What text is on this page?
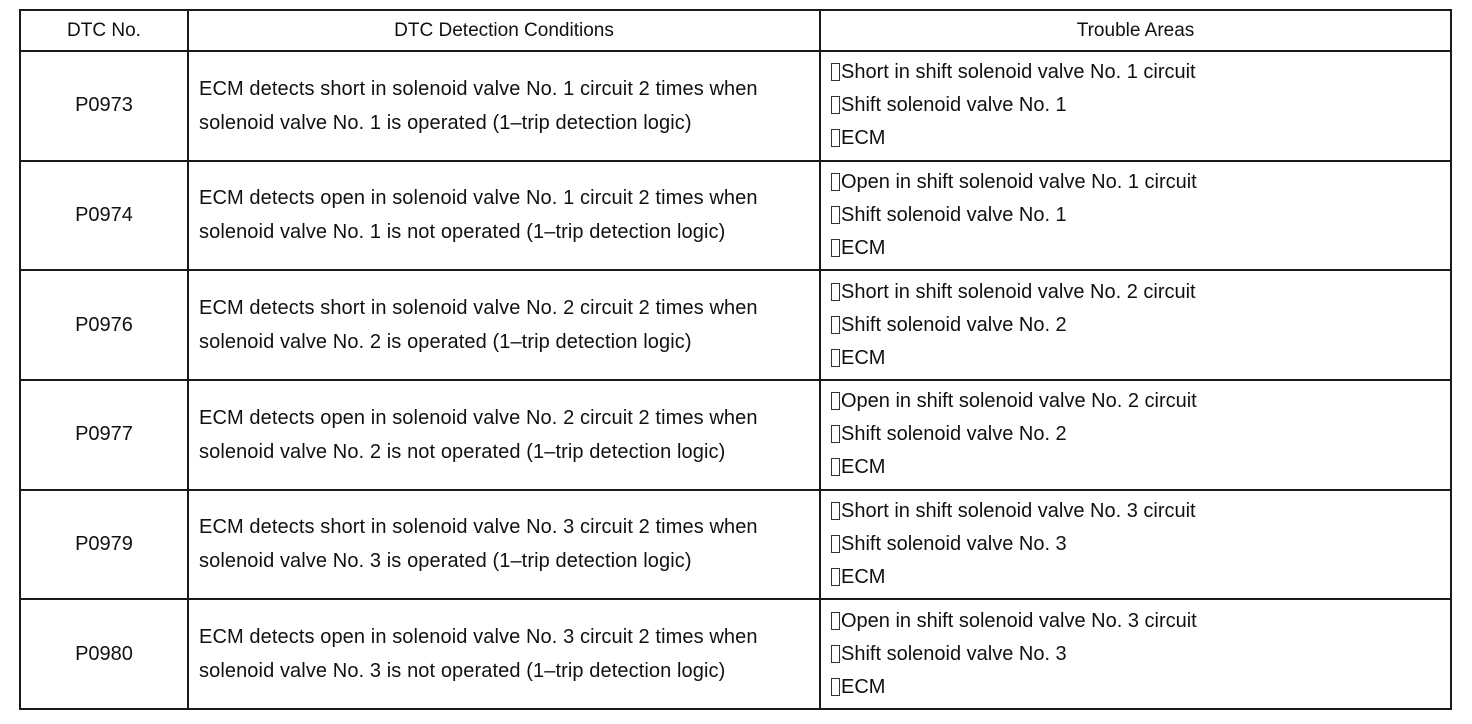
DTC No.	DTC Detection Conditions	Trouble Areas
P0973	ECM detects short in solenoid valve No. 1 circuit 2 times when
solenoid valve No. 1 is operated (1–trip detection logic)	Short in shift solenoid valve No. 1 circuit
Shift solenoid valve No. 1
ECM

P0974	ECM detects open in solenoid valve No. 1 circuit 2 times when
solenoid valve No. 1 is not operated (1–trip detection logic)	Open in shift solenoid valve No. 1 circuit
Shift solenoid valve No. 1
ECM

P0976	ECM detects short in solenoid valve No. 2 circuit 2 times when
solenoid valve No. 2 is operated (1–trip detection logic)	Short in shift solenoid valve No. 2 circuit
Shift solenoid valve No. 2
ECM

P0977	ECM detects open in solenoid valve No. 2 circuit 2 times when
solenoid valve No. 2 is not operated (1–trip detection logic)	Open in shift solenoid valve No. 2 circuit
Shift solenoid valve No. 2
ECM

P0979	ECM detects short in solenoid valve No. 3 circuit 2 times when
solenoid valve No. 3 is operated (1–trip detection logic)	Short in shift solenoid valve No. 3 circuit
Shift solenoid valve No. 3
ECM

P0980	ECM detects open in solenoid valve No. 3 circuit 2 times when
solenoid valve No. 3 is not operated (1–trip detection logic)	Open in shift solenoid valve No. 3 circuit
Shift solenoid valve No. 3
ECM
